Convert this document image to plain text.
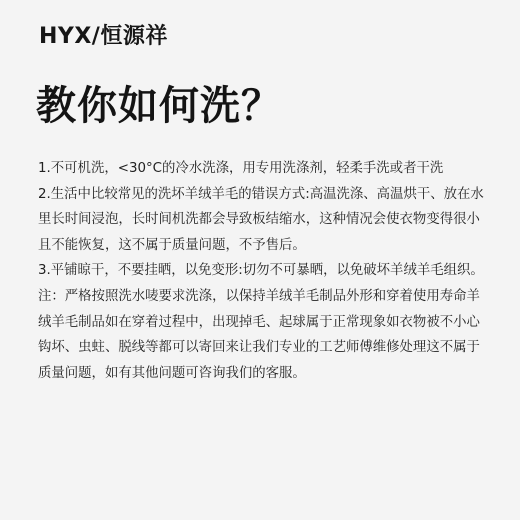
HYX/恒源祥
教你如何洗？

1.不可机洗，<30°C的冷水洗涤，用专用洗涤剂，轻柔手洗或者干洗

2.生活中比较常见的洗坏羊绒羊毛的错误方式:高温洗涤、高温烘干、放在水里长时间浸泡，长时间机洗都会导致板结缩水，这种情况会使衣物变得很小且不能恢复，这不属于质量问题，不予售后。

3.平铺晾干，不要挂晒，以免变形:切勿不可暴晒，以免破坏羊绒羊毛组织。

注：严格按照洗水唛要求洗涤，以保持羊绒羊毛制品外形和穿着使用寿命羊绒羊毛制品如在穿着过程中，出现掉毛、起球属于正常现象如衣物被不小心钩坏、虫蛀、脱线等都可以寄回来让我们专业的工艺师傅维修处理这不属于质量问题，如有其他问题可咨询我们的客服。
